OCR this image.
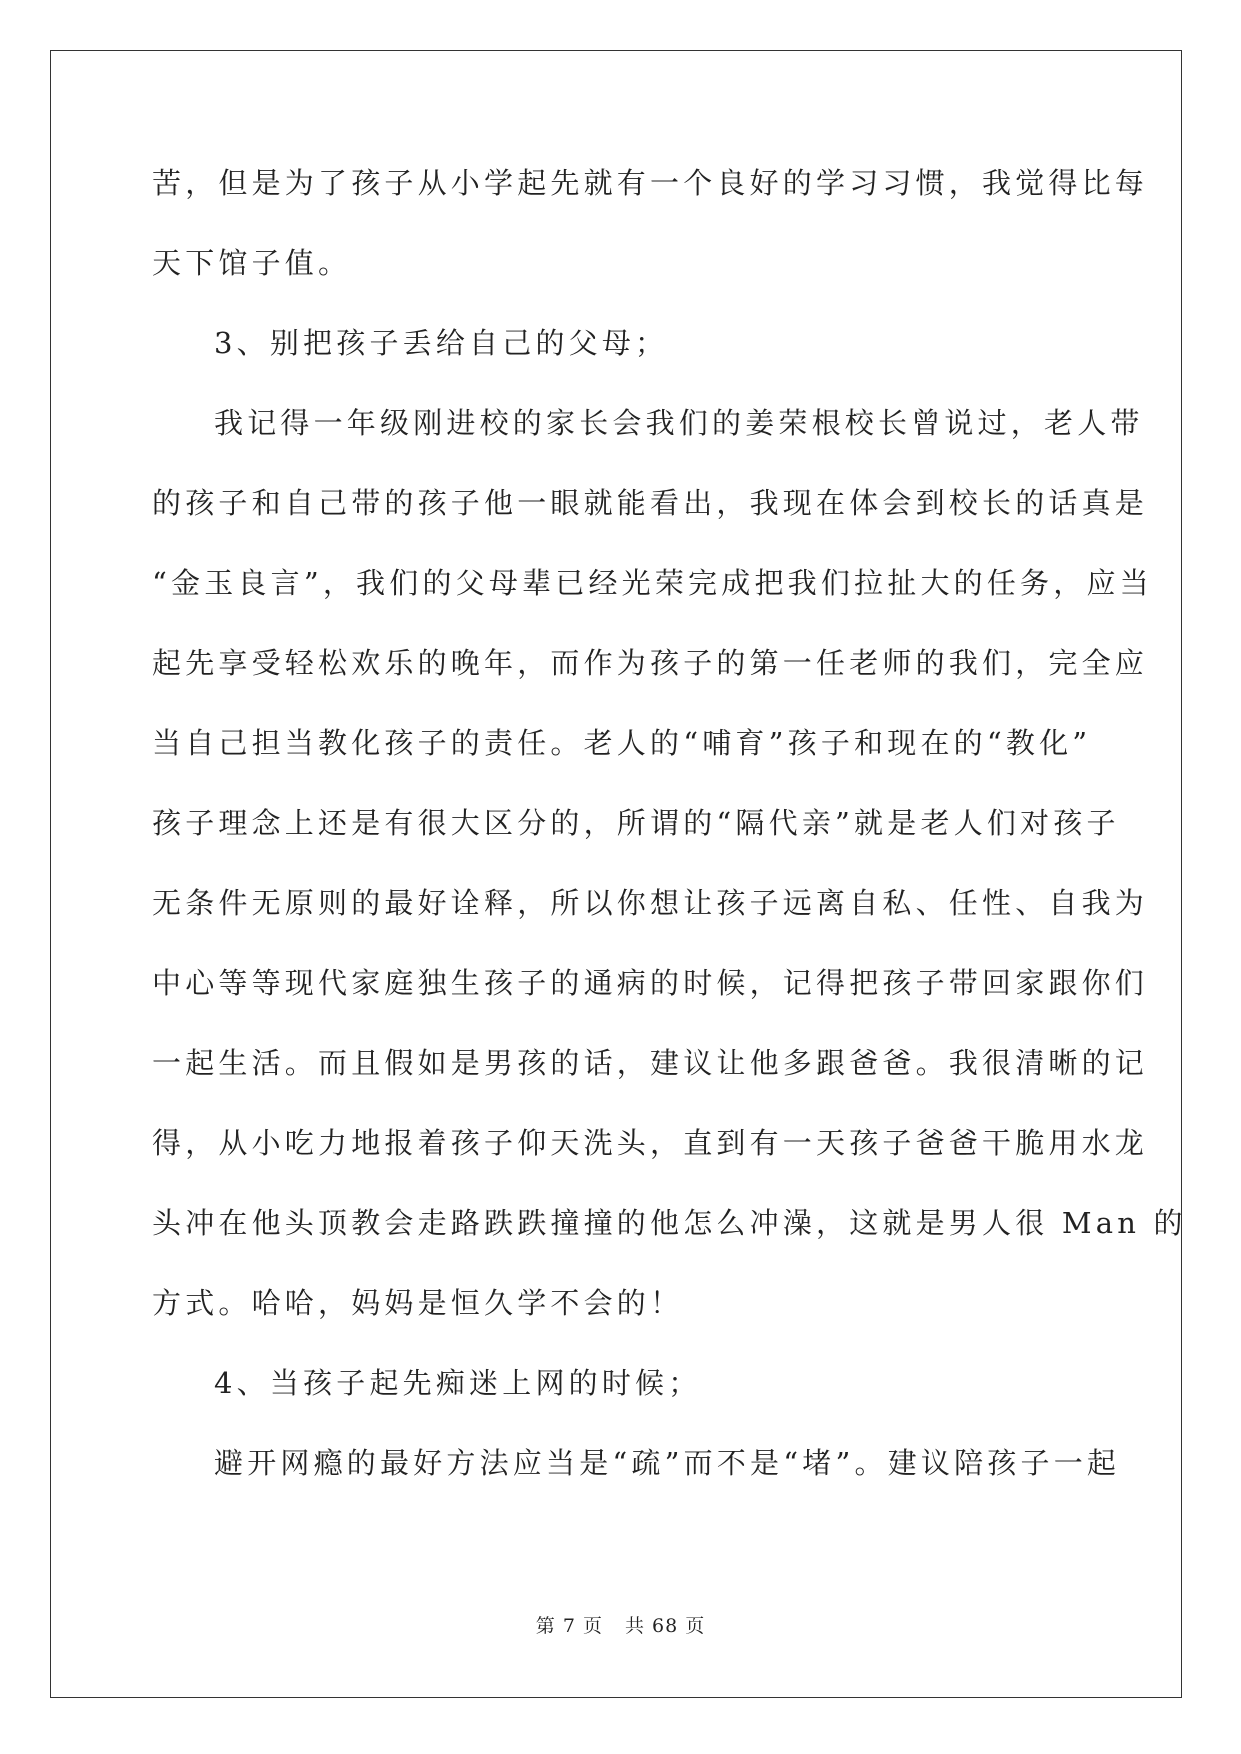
苦，但是为了孩子从小学起先就有一个良好的学习习惯，我觉得比每
天下馆子值。
3、别把孩子丢给自己的父母；
我记得一年级刚进校的家长会我们的姜荣根校长曾说过，老人带
的孩子和自己带的孩子他一眼就能看出，我现在体会到校长的话真是
“金玉良言”，我们的父母辈已经光荣完成把我们拉扯大的任务，应当
起先享受轻松欢乐的晚年，而作为孩子的第一任老师的我们，完全应
当自己担当教化孩子的责任。老人的“哺育”孩子和现在的“教化”
孩子理念上还是有很大区分的，所谓的“隔代亲”就是老人们对孩子
无条件无原则的最好诠释，所以你想让孩子远离自私、任性、自我为
中心等等现代家庭独生孩子的通病的时候，记得把孩子带回家跟你们
一起生活。而且假如是男孩的话，建议让他多跟爸爸。我很清晰的记
得，从小吃力地报着孩子仰天洗头，直到有一天孩子爸爸干脆用水龙
头冲在他头顶教会走路跌跌撞撞的他怎么冲澡，这就是男人很 Man 的
方式。哈哈，妈妈是恒久学不会的！
4、当孩子起先痴迷上网的时候；
避开网瘾的最好方法应当是“疏”而不是“堵”。建议陪孩子一起
第 7 页 共 68 页
